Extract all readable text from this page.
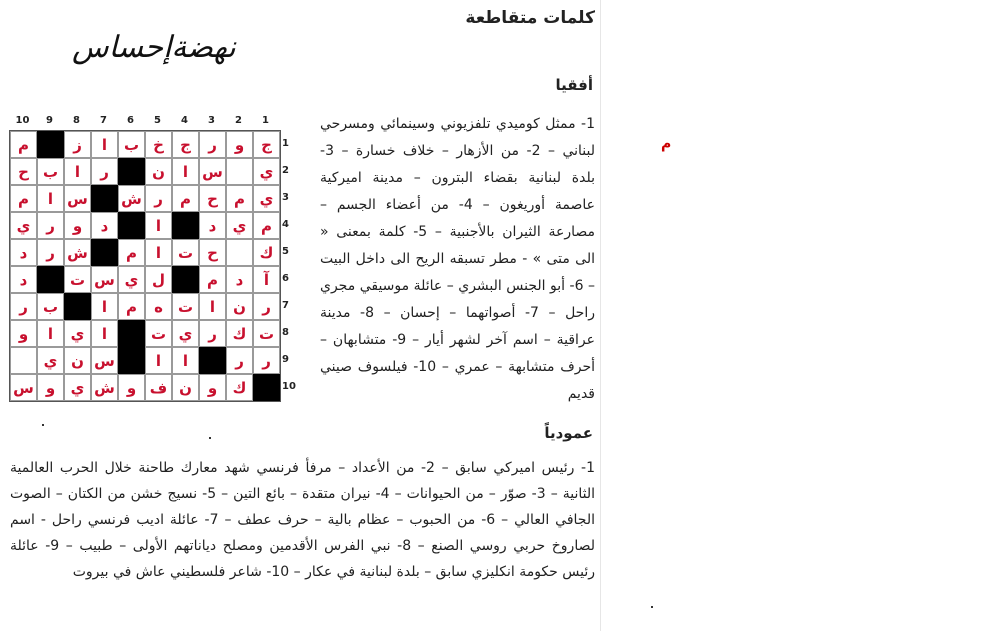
كلمات متقاطعة
نهضةإحساس
أفقيا
1- ممثل كوميدي تلفزيوني وسينمائي ومسرحي لبناني – 2- من الأزهار – خلاف خسارة – 3- بلدة لبنانية بقضاء البترون – مدينة اميركية عاصمة أوريغون – 4- من أعضاء الجسم – مصارعة الثيران بالأجنبية – 5- كلمة بمعنى « الى متى » - مطر تسبقه الريح الى داخل البيت – 6- أبو الجنس البشري – عائلة موسيقي مجري راحل – 7- أصواتهما – إحسان – 8- مدينة عراقية – اسم آخر لشهر أيار – 9- متشابهان – أحرف متشابهة – عمري – 10- فيلسوف صيني قديم
عمودياً
1- رئيس اميركي سابق – 2- من الأعداد – مرفأ فرنسي شهد معارك طاحنة خلال الحرب العالمية الثانية – 3- صوّر – من الحيوانات – 4- نيران متقدة – بائع التين – 5- نسيج خشن من الكتان – الصوت الجافي العالي – 6- من الحبوب – عظام بالية – حرف عطف – 7- عائلة اديب فرنسي راحل - اسم لصاروخ حربي روسي الصنع – 8- نبي الفرس الأقدمين ومصلح دياناتهم الأولى – طبيب – 9- عائلة رئيس حكومة انكليزي سابق – بلدة لبنانية في عكار – 10- شاعر فلسطيني عاش في بيروت
م
1
2
3
4
5
6
7
8
9
10
1
2
3
4
5
6
7
8
9
10
ج
و
ر
ج
خ
ب
ا
ز
م
ي
س
ا
ن
ر
ا
ب
ح
ي
م
ح
م
ر
ش
س
ا
م
م
ي
د
ا
د
و
ر
ي
ك
ح
ت
ا
م
ش
ر
د
آ
د
م
ل
ي
س
ت
د
ر
ن
ا
ت
ه
م
ا
ب
ر
ت
ك
ر
ي
ت
ا
ي
ا
و
ر
ر
ا
ا
س
ن
ي
ك
و
ن
ف
و
ش
ي
و
س
